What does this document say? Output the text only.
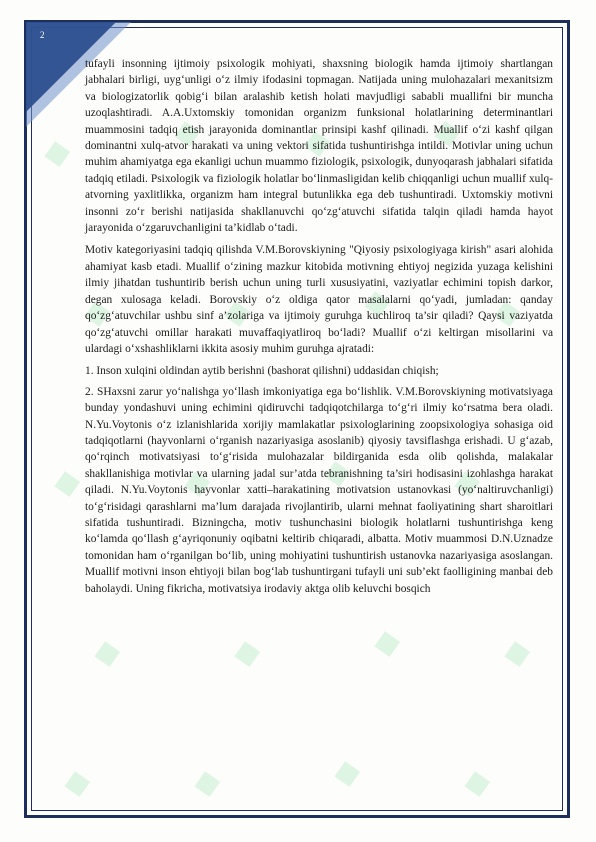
2

tufayli insonning ijtimoiy psixologik mohiyati, shaxsning biologik hamda ijtimoiy shartlangan jabhalari birligi, uyg‘unligi o‘z ilmiy ifodasini topmagan. Natijada uning mulohazalari mexanitsizm va biologizatorlik qobig‘i bilan aralashib ketish holati mavjudligi sababli muallifni bir muncha uzoqlashtiradi. A.A.Uxtomskiy tomonidan organizm funksional holatlarining determinantlari muammosini tadqiq etish jarayonida dominantlar prinsipi kashf qilinadi. Muallif o‘zi kashf qilgan dominantni xulq-atvor harakati va uning vektori sifatida tushuntirishga intildi. Motivlar uning uchun muhim ahamiyatga ega ekanligi uchun muammo fiziologik, psixologik, dunyoqarash jabhalari sifatida tadqiq etiladi. Psixologik va fiziologik holatlar bo‘linmasligidan kelib chiqqanligi uchun muallif xulq-atvorning yaxlitlikka, organizm ham integral butunlikka ega deb tushuntiradi. Uxtomskiy motivni insonni zo‘r berishi natijasida shakllanuvchi qo‘zg‘atuvchi sifatida talqin qiladi hamda hayot jarayonida o‘zgaruvchanligini ta’kidlab o‘tadi.

Motiv kategoriyasini tadqiq qilishda V.M.Borovskiyning "Qiyosiy psixologiyaga kirish" asari alohida ahamiyat kasb etadi. Muallif o‘zining mazkur kitobida motivning ehtiyoj negizida yuzaga kelishini ilmiy jihatdan tushuntirib berish uchun uning turli xususiyatini, vaziyatlar echimini topish darkor, degan xulosaga keladi. Borovskiy o‘z oldiga qator masalalarni qo‘yadi, jumladan: qanday qo‘zg‘atuvchilar ushbu sinf a’zolariga va ijtimoiy guruhga kuchliroq ta’sir qiladi? Qaysi vaziyatda qo‘zg‘atuvchi omillar harakati muvaffaqiyatliroq bo‘ladi? Muallif o‘zi keltirgan misollarini va ulardagi o‘xshashliklarni ikkita asosiy muhim guruhga ajratadi:

1. Inson xulqini oldindan aytib berishni (bashorat qilishni) uddasidan chiqish;

2. SHaxsni zarur yo‘nalishga yo‘llash imkoniyatiga ega bo‘lishlik. V.M.Borovskiyning motivatsiyaga bunday yondashuvi uning echimini qidiruvchi tadqiqotchilarga to‘g‘ri ilmiy ko‘rsatma bera oladi. N.Yu.Voytonis o‘z izlanishlarida xorijiy mamlakatlar psixologlarining zoopsixologiya sohasiga oid tadqiqotlarni (hayvonlarni o‘rganish nazariyasiga asoslanib) qiyosiy tavsiflashga erishadi. U g‘azab, qo‘rqinch motivatsiyasi to‘g‘risida mulohazalar bildirganida esda olib qolishda, malakalar shakllanishiga motivlar va ularning jadal sur’atda tebranishning ta’siri hodisasini izohlashga harakat qiladi. N.Yu.Voytonis hayvonlar xatti–harakatining motivatsion ustanovkasi (yo‘naltiruvchanligi) to‘g‘risidagi qarashlarni ma’lum darajada rivojlantirib, ularni mehnat faoliyatining shart sharoitlari sifatida tushuntiradi. Bizningcha, motiv tushunchasini biologik holatlarni tushuntirishga keng ko‘lamda qo‘llash g‘ayriqonuniy oqibatni keltirib chiqaradi, albatta. Motiv muammosi D.N.Uznadze tomonidan ham o‘rganilgan bo‘lib, uning mohiyatini tushuntirish ustanovka nazariyasiga asoslangan. Muallif motivni inson ehtiyoji bilan bog‘lab tushuntirgani tufayli uni sub’ekt faolligining manbai deb baholaydi. Uning fikricha, motivatsiya irodaviy aktga olib keluvchi bosqich
